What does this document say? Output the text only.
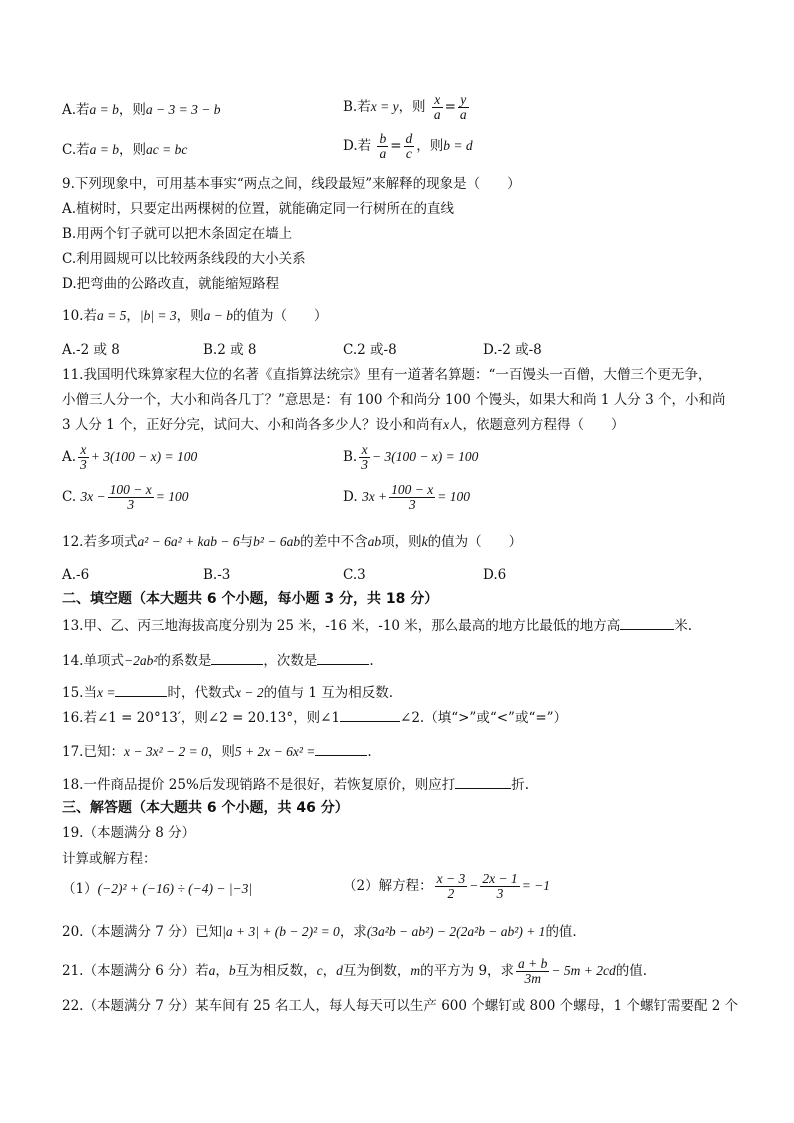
A.若a = b，则a − 3 = 3 − b	B.若x = y，则 $\frac{x}{a} = \frac{y}{a}$
C.若a = b，则ac = bc	D.若 $\frac{b}{a} = \frac{d}{c}$ ，则b = d
9.下列现象中，可用基本事实“两点之间，线段最短”来解释的现象是（　　）
A.植树时，只要定出两棵树的位置，就能确定同一行树所在的直线
B.用两个钉子就可以把木条固定在墙上
C.利用圆规可以比较两条线段的大小关系
D.把弯曲的公路改直，就能缩短路程
10.若a = 5，|b| = 3，则a − b的值为（　　）
A.-2 或 8	B.2 或 8	C.2 或-8	D.-2 或-8
11.我国明代珠算家程大位的名著《直指算法统宗》里有一道著名算题：“一百馒头一百僧，大僧三个更无争，
小僧三人分一个，大小和尚各几丁？”意思是：有 100 个和尚分 100 个馒头，如果大和尚 1 人分 3 个，小和尚
3 人分 1 个，正好分完，试问大、小和尚各多少人？设小和尚有x人，依题意列方程得（　　）
A. $\frac{x}{3} + 3(100 - x) = 100$	B. $\frac{x}{3} - 3(100 - x) = 100$
C. $3x - \frac{100 - x}{3} = 100$	D. $3x + \frac{100 - x}{3} = 100$
12.若多项式a² − 6a² + kab − 6与b² − 6ab的差中不含ab项，则k的值为（　　）
A.-6	B.-3	C.3	D.6
二、填空题（本大题共 6 个小题，每小题 3 分，共 18 分）
13.甲、乙、丙三地海拔高度分别为 25 米，-16 米，-10 米，那么最高的地方比最低的地方高	米.
14.单项式−2ab²的系数是	，次数是	.
15.当x =	时，代数式x − 2的值与 1 互为相反数.
16.若∠1 = 20°13′，则∠2 = 20.13°，则∠1	∠2.（填“>”或“<”或“=”）
17.已知：x − 3x² − 2 = 0，则5 + 2x − 6x² =	.
18.一件商品提价 25%后发现销路不是很好，若恢复原价，则应打	折.
三、解答题（本大题共 6 个小题，共 46 分）
19.（本题满分 8 分）
计算或解方程：
（1）(−2)² + (−16) ÷ (−4) − |−3|	（2）解方程： $\frac{x - 3}{2} - \frac{2x - 1}{3} = -1$
20.（本题满分 7 分）已知|a + 3| + (b − 2)² = 0，求(3a²b − ab²) − 2(2a²b − ab²) + 1的值.
21.（本题满分 6 分）若a，b互为相反数，c，d互为倒数，m的平方为 9，求 $\frac{a + b}{3m} - 5m + 2cd$的值.
22.（本题满分 7 分）某车间有 25 名工人，每人每天可以生产 600 个螺钉或 800 个螺母，1 个螺钉需要配 2 个
